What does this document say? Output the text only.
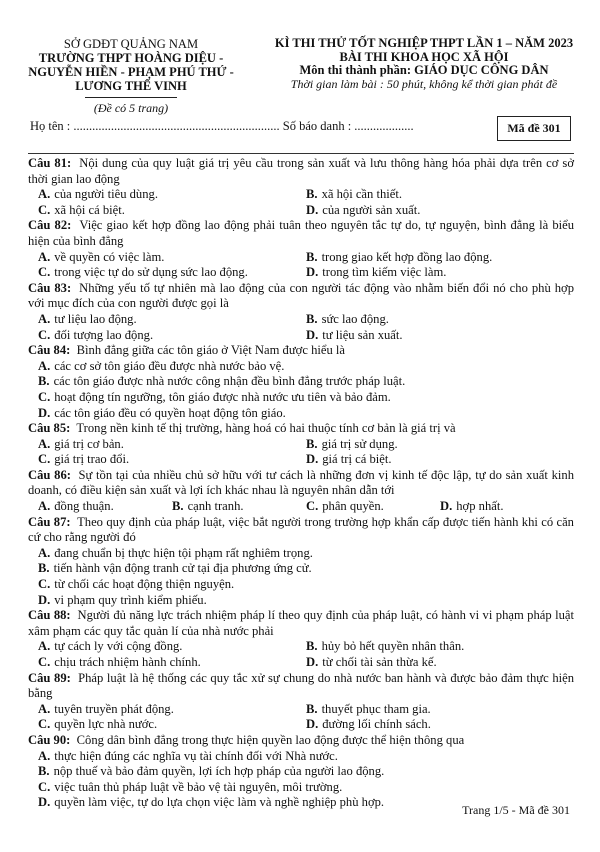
SỞ GDĐT QUẢNG NAM
TRƯỜNG THPT HOÀNG DIỆU -
NGUYỄN HIỀN - PHẠM PHÚ THỨ -
LƯƠNG THẾ VINH
(Đề có 5 trang)
KÌ THI THỬ TỐT NGHIỆP THPT LẦN 1 – NĂM 2023
BÀI THI KHOA HỌC XÃ HỘI
Môn thi thành phần: GIÁO DỤC CÔNG DÂN
Thời gian làm bài : 50 phút, không kể thời gian phát đề
Họ tên : .................................................................. Số báo danh : ...................	Mã đề 301
Câu 81: Nội dung của quy luật giá trị yêu cầu trong sản xuất và lưu thông hàng hóa phải dựa trên cơ sở thời gian lao động
A. của người tiêu dùng.	B. xã hội cần thiết.
C. xã hội cá biệt.	D. của người sản xuất.
Câu 82: Việc giao kết hợp đồng lao động phải tuân theo nguyên tắc tự do, tự nguyện, bình đẳng là biểu hiện của bình đẳng
A. về quyền có việc làm.	B. trong giao kết hợp đồng lao động.
C. trong việc tự do sử dụng sức lao động.	D. trong tìm kiếm việc làm.
Câu 83: Những yếu tố tự nhiên mà lao động của con người tác động vào nhằm biến đổi nó cho phù hợp với mục đích của con người được gọi là
A. tư liệu lao động.	B. sức lao động.
C. đối tượng lao động.	D. tư liệu sản xuất.
Câu 84: Bình đẳng giữa các tôn giáo ở Việt Nam được hiểu là
A. các cơ sở tôn giáo đều được nhà nước bảo vệ.
B. các tôn giáo được nhà nước công nhận đều bình đẳng trước pháp luật.
C. hoạt động tín ngưỡng, tôn giáo được nhà nước ưu tiên và bảo đảm.
D. các tôn giáo đều có quyền hoạt động tôn giáo.
Câu 85: Trong nền kinh tế thị trường, hàng hoá có hai thuộc tính cơ bản là giá trị và
A. giá trị cơ bản.	B. giá trị sử dụng.
C. giá trị trao đổi.	D. giá trị cá biệt.
Câu 86: Sự tồn tại của nhiều chủ sở hữu với tư cách là những đơn vị kinh tế độc lập, tự do sản xuất kinh doanh, có điều kiện sản xuất và lợi ích khác nhau là nguyên nhân dẫn tới
A. đồng thuận.	B. cạnh tranh.	C. phân quyền.	D. hợp nhất.
Câu 87: Theo quy định của pháp luật, việc bắt người trong trường hợp khẩn cấp được tiến hành khi có căn cứ cho rằng người đó
A. đang chuẩn bị thực hiện tội phạm rất nghiêm trọng.
B. tiến hành vận động tranh cử tại địa phương ứng cử.
C. từ chối các hoạt động thiện nguyện.
D. vi phạm quy trình kiểm phiếu.
Câu 88: Người đủ năng lực trách nhiệm pháp lí theo quy định của pháp luật, có hành vi vi phạm pháp luật xâm phạm các quy tắc quản lí của nhà nước phải
A. tự cách ly với cộng đồng.	B. hủy bỏ hết quyền nhân thân.
C. chịu trách nhiệm hành chính.	D. từ chối tài sản thừa kế.
Câu 89: Pháp luật là hệ thống các quy tắc xử sự chung do nhà nước ban hành và được bảo đảm thực hiện bằng
A. tuyên truyền phát động.	B. thuyết phục tham gia.
C. quyền lực nhà nước.	D. đường lối chính sách.
Câu 90: Công dân bình đẳng trong thực hiện quyền lao động được thể hiện thông qua
A. thực hiện đúng các nghĩa vụ tài chính đối với Nhà nước.
B. nộp thuế và bảo đảm quyền, lợi ích hợp pháp của người lao động.
C. việc tuân thủ pháp luật về bảo vệ tài nguyên, môi trường.
D. quyền làm việc, tự do lựa chọn việc làm và nghề nghiệp phù hợp.
Trang 1/5 - Mã đề 301
